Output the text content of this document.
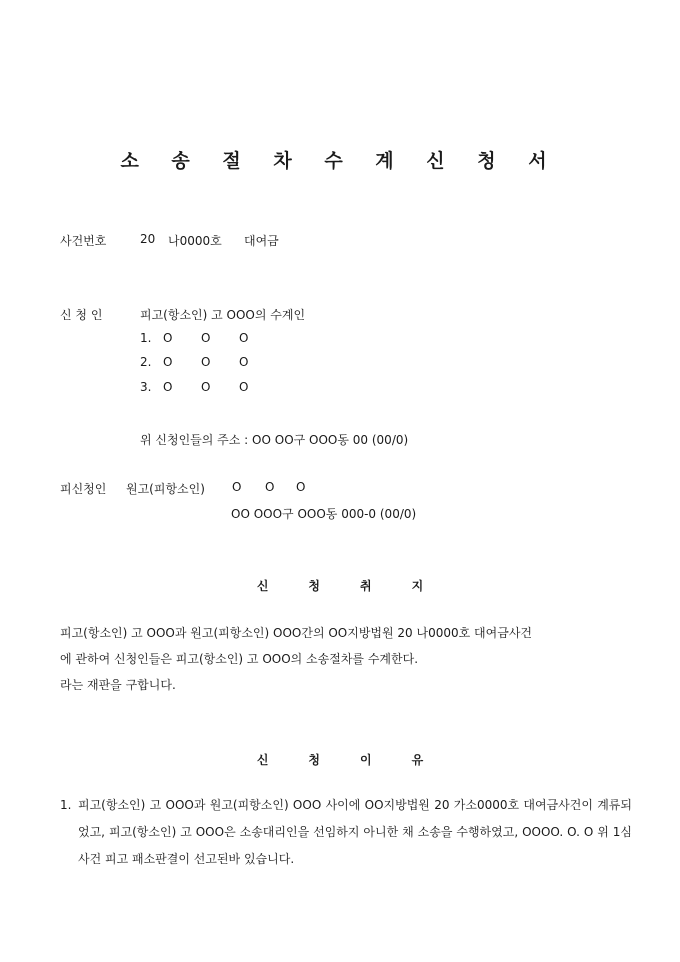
소 송 절 차 수 계 신 청 서
사건번호	20 나0000호 대여금
신 청 인	피고(항소인) 고 OOO의 수계인
1. O O O
2. O O O
3. O O O
위 신청인들의 주소 : OO OO구 OOO동 00 (00/0)
피신청인 원고(피항소인) O O O
OO OOO구 OOO동 000-0 (00/0)
신	청	취	지
피고(항소인) 고 OOO과 원고(피항소인) OOO간의 OO지방법원 20 나0000호 대여금사건
에 관하여 신청인들은 피고(항소인) 고 OOO의 소송절차를 수계한다.
라는 재판을 구합니다.
신	청	이	유
1. 피고(항소인) 고 OOO과 원고(피항소인) OOO 사이에 OO지방법원 20 가소0000호 대여금사건이 계류되었고, 피고(항소인) 고 OOO은 소송대리인을 선임하지 아니한 채 소송을 수행하였고, OOOO. O. O 위 1심사건 피고 패소판결이 선고된바 있습니다.
